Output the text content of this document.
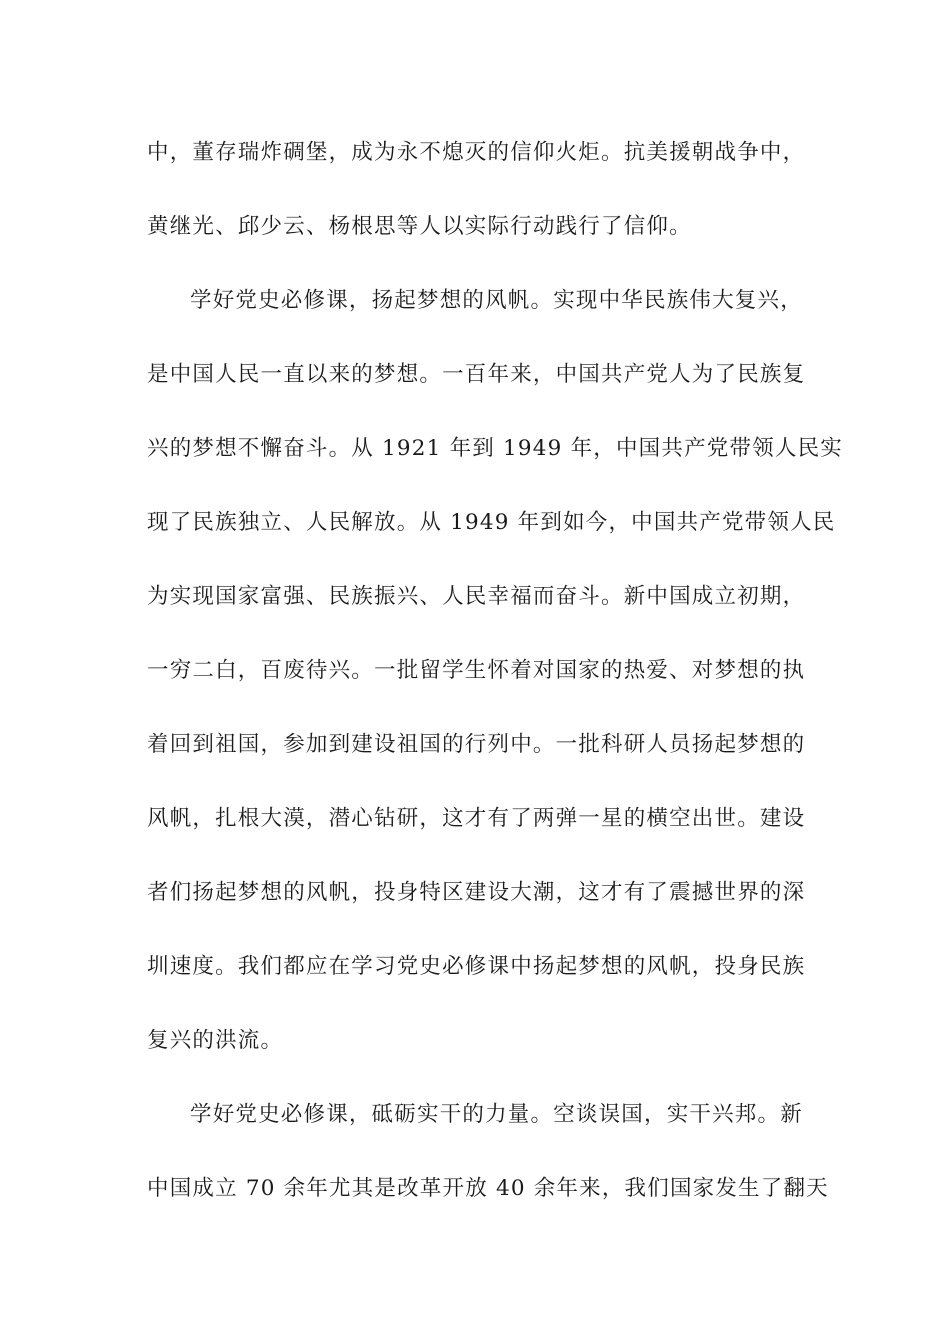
中，董存瑞炸碉堡，成为永不熄灭的信仰火炬。抗美援朝战争中，
黄继光、邱少云、杨根思等人以实际行动践行了信仰。
学好党史必修课，扬起梦想的风帆。实现中华民族伟大复兴，
是中国人民一直以来的梦想。一百年来，中国共产党人为了民族复
兴的梦想不懈奋斗。从 1921 年到 1949 年，中国共产党带领人民实
现了民族独立、人民解放。从 1949 年到如今，中国共产党带领人民
为实现国家富强、民族振兴、人民幸福而奋斗。新中国成立初期，
一穷二白，百废待兴。一批留学生怀着对国家的热爱、对梦想的执
着回到祖国，参加到建设祖国的行列中。一批科研人员扬起梦想的
风帆，扎根大漠，潜心钻研，这才有了两弹一星的横空出世。建设
者们扬起梦想的风帆，投身特区建设大潮，这才有了震撼世界的深
圳速度。我们都应在学习党史必修课中扬起梦想的风帆，投身民族
复兴的洪流。
学好党史必修课，砥砺实干的力量。空谈误国，实干兴邦。新
中国成立 70 余年尤其是改革开放 40 余年来，我们国家发生了翻天
